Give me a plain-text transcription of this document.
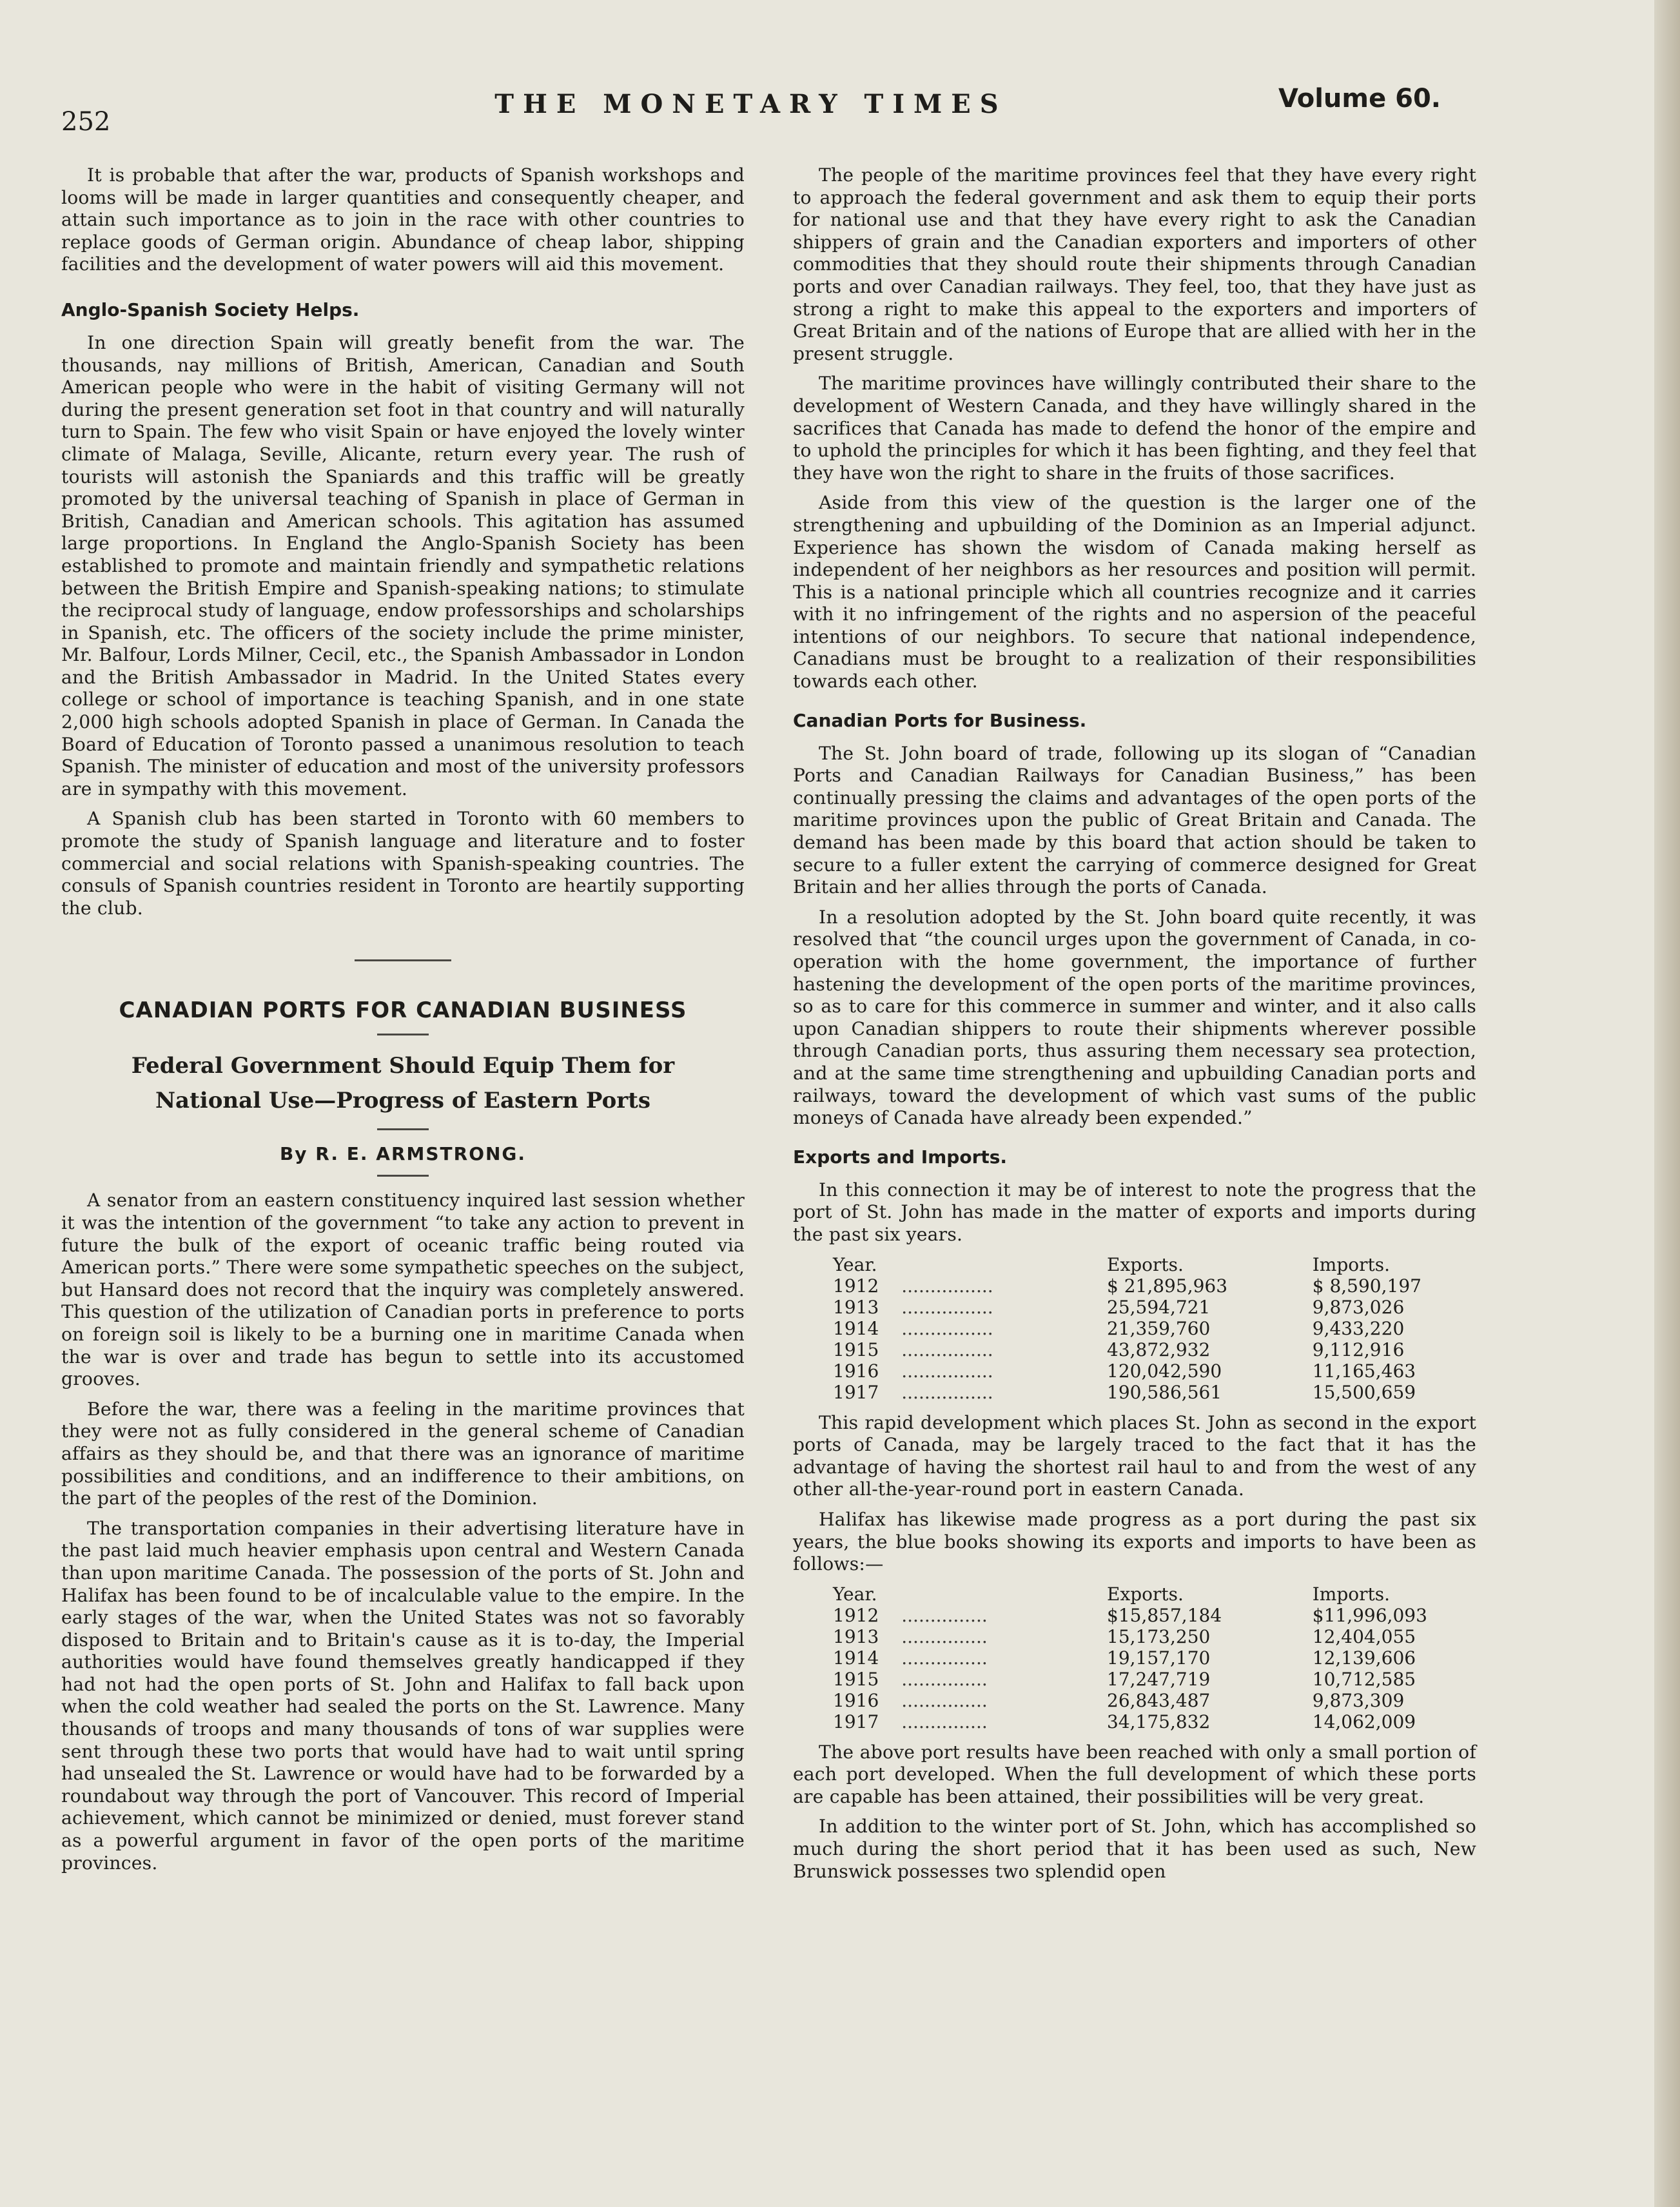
252
THE MONETARY TIMES	Volume 60.

It is probable that after the war, products of Spanish workshops and looms will be made in larger quantities and consequently cheaper, and attain such importance as to join in the race with other countries to replace goods of German origin. Abundance of cheap labor, shipping facilities and the development of water powers will aid this movement.

Anglo-Spanish Society Helps.

In one direction Spain will greatly benefit from the war. The thousands, nay millions of British, American, Canadian and South American people who were in the habit of visiting Germany will not during the present generation set foot in that country and will naturally turn to Spain. The few who visit Spain or have enjoyed the lovely winter climate of Malaga, Seville, Alicante, return every year. The rush of tourists will astonish the Spaniards and this traffic will be greatly promoted by the universal teaching of Spanish in place of German in British, Canadian and American schools. This agitation has assumed large proportions. In England the Anglo-Spanish Society has been established to promote and maintain friendly and sympathetic relations between the British Empire and Spanish-speaking nations; to stimulate the reciprocal study of language, endow professorships and scholarships in Spanish, etc. The officers of the society include the prime minister, Mr. Balfour, Lords Milner, Cecil, etc., the Spanish Ambassador in London and the British Ambassador in Madrid. In the United States every college or school of importance is teaching Spanish, and in one state 2,000 high schools adopted Spanish in place of German. In Canada the Board of Education of Toronto passed a unanimous resolution to teach Spanish. The minister of education and most of the university professors are in sympathy with this movement.

A Spanish club has been started in Toronto with 60 members to promote the study of Spanish language and literature and to foster commercial and social relations with Spanish-speaking countries. The consuls of Spanish countries resident in Toronto are heartily supporting the club.

CANADIAN PORTS FOR CANADIAN BUSINESS
Federal Government Should Equip Them for National Use—Progress of Eastern Ports
By R. E. ARMSTRONG.

A senator from an eastern constituency inquired last session whether it was the intention of the government “to take any action to prevent in future the bulk of the export of oceanic traffic being routed via American ports.” There were some sympathetic speeches on the subject, but Hansard does not record that the inquiry was completely answered. This question of the utilization of Canadian ports in preference to ports on foreign soil is likely to be a burning one in maritime Canada when the war is over and trade has begun to settle into its accustomed grooves.

Before the war, there was a feeling in the maritime provinces that they were not as fully considered in the general scheme of Canadian affairs as they should be, and that there was an ignorance of maritime possibilities and conditions, and an indifference to their ambitions, on the part of the peoples of the rest of the Dominion.

The transportation companies in their advertising literature have in the past laid much heavier emphasis upon central and Western Canada than upon maritime Canada. The possession of the ports of St. John and Halifax has been found to be of incalculable value to the empire. In the early stages of the war, when the United States was not so favorably disposed to Britain and to Britain's cause as it is to-day, the Imperial authorities would have found themselves greatly handicapped if they had not had the open ports of St. John and Halifax to fall back upon when the cold weather had sealed the ports on the St. Lawrence. Many thousands of troops and many thousands of tons of war supplies were sent through these two ports that would have had to wait until spring had unsealed the St. Lawrence or would have had to be forwarded by a roundabout way through the port of Vancouver. This record of Imperial achievement, which cannot be minimized or denied, must forever stand as a powerful argument in favor of the open ports of the maritime provinces.

The people of the maritime provinces feel that they have every right to approach the federal government and ask them to equip their ports for national use and that they have every right to ask the Canadian shippers of grain and the Canadian exporters and importers of other commodities that they should route their shipments through Canadian ports and over Canadian railways. They feel, too, that they have just as strong a right to make this appeal to the exporters and importers of Great Britain and of the nations of Europe that are allied with her in the present struggle.

The maritime provinces have willingly contributed their share to the development of Western Canada, and they have willingly shared in the sacrifices that Canada has made to defend the honor of the empire and to uphold the principles for which it has been fighting, and they feel that they have won the right to share in the fruits of those sacrifices.

Aside from this view of the question is the larger one of the strengthening and upbuilding of the Dominion as an Imperial adjunct. Experience has shown the wisdom of Canada making herself as independent of her neighbors as her resources and position will permit. This is a national principle which all countries recognize and it carries with it no infringement of the rights and no aspersion of the peaceful intentions of our neighbors. To secure that national independence, Canadians must be brought to a realization of their responsibilities towards each other.

Canadian Ports for Business.

The St. John board of trade, following up its slogan of “Canadian Ports and Canadian Railways for Canadian Business,” has been continually pressing the claims and advantages of the open ports of the maritime provinces upon the public of Great Britain and Canada. The demand has been made by this board that action should be taken to secure to a fuller extent the carrying of commerce designed for Great Britain and her allies through the ports of Canada.

In a resolution adopted by the St. John board quite recently, it was resolved that “the council urges upon the government of Canada, in co-operation with the home government, the importance of further hastening the development of the open ports of the maritime provinces, so as to care for this commerce in summer and winter, and it also calls upon Canadian shippers to route their shipments wherever possible through Canadian ports, thus assuring them necessary sea protection, and at the same time strengthening and upbuilding Canadian ports and railways, toward the development of which vast sums of the public moneys of Canada have already been expended.”

Exports and Imports.

In this connection it may be of interest to note the progress that the port of St. John has made in the matter of exports and imports during the past six years.

Year.		Exports.	Imports.
1912	................	$ 21,895,963	$ 8,590,197
1913	................	25,594,721	9,873,026
1914	................	21,359,760	9,433,220
1915	................	43,872,932	9,112,916
1916	................	120,042,590	11,165,463
1917	................	190,586,561	15,500,659

This rapid development which places St. John as second in the export ports of Canada, may be largely traced to the fact that it has the advantage of having the shortest rail haul to and from the west of any other all-the-year-round port in eastern Canada.

Halifax has likewise made progress as a port during the past six years, the blue books showing its exports and imports to have been as follows:—

Year.		Exports.	Imports.
1912	...............	$15,857,184	$11,996,093
1913	...............	15,173,250	12,404,055
1914	...............	19,157,170	12,139,606
1915	...............	17,247,719	10,712,585
1916	...............	26,843,487	9,873,309
1917	...............	34,175,832	14,062,009

The above port results have been reached with only a small portion of each port developed. When the full development of which these ports are capable has been attained, their possibilities will be very great.

In addition to the winter port of St. John, which has accomplished so much during the short period that it has been used as such, New Brunswick possesses two splendid open
